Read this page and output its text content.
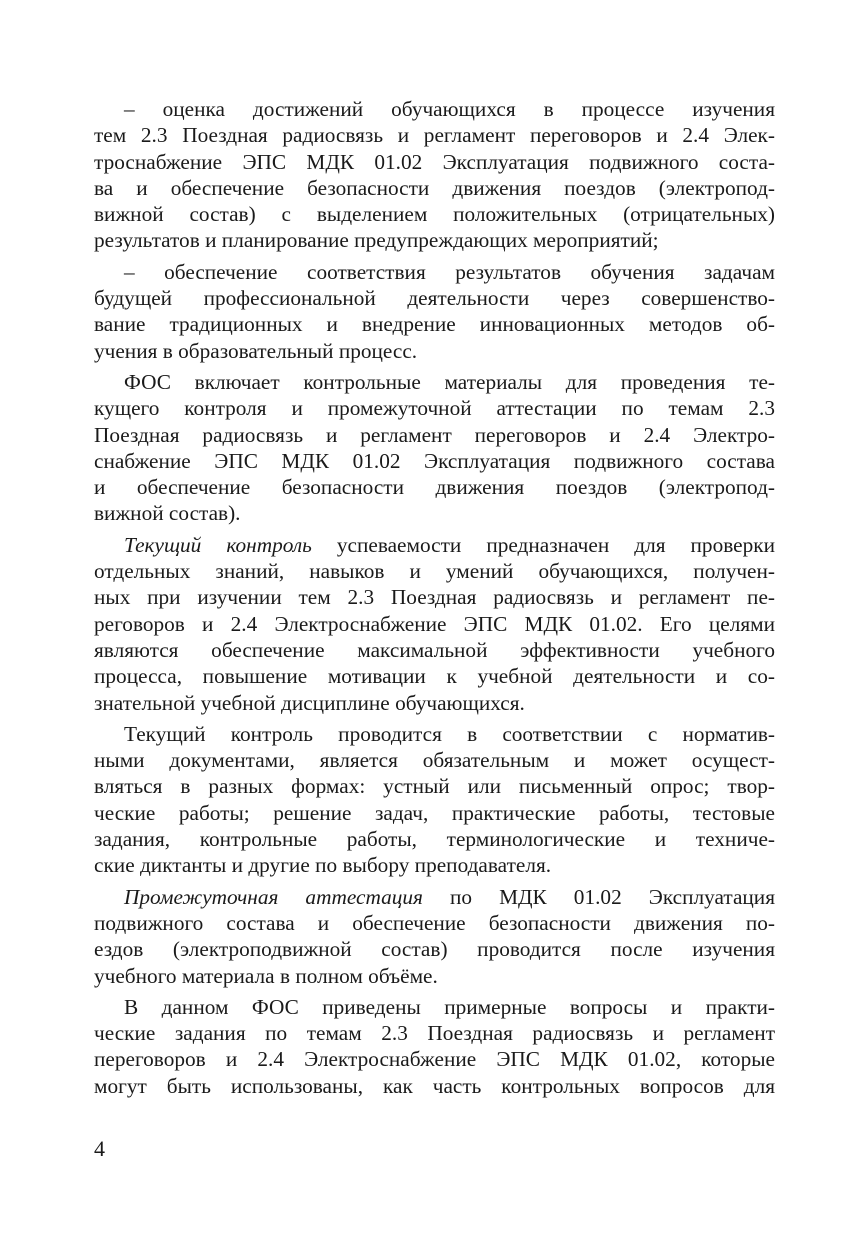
– оценка достижений обучающихся в процессе изучения
тем 2.3 Поездная радиосвязь и регламент переговоров и 2.4 Элек-
троснабжение ЭПС МДК 01.02 Эксплуатация подвижного соста-
ва и обеспечение безопасности движения поездов (электропод-
вижной состав) с выделением положительных (отрицательных)
результатов и планирование предупреждающих мероприятий;
– обеспечение соответствия результатов обучения задачам
будущей профессиональной деятельности через совершенство-
вание традиционных и внедрение инновационных методов об-
учения в образовательный процесс.
ФОС включает контрольные материалы для проведения те-
кущего контроля и промежуточной аттестации по темам 2.3
Поездная радиосвязь и регламент переговоров и 2.4 Электро-
снабжение ЭПС МДК 01.02 Эксплуатация подвижного состава
и обеспечение безопасности движения поездов (электропод-
вижной состав).
Текущий контроль успеваемости предназначен для проверки
отдельных знаний, навыков и умений обучающихся, получен-
ных при изучении тем 2.3 Поездная радиосвязь и регламент пе-
реговоров и 2.4 Электроснабжение ЭПС МДК 01.02. Его целями
являются обеспечение максимальной эффективности учебного
процесса, повышение мотивации к учебной деятельности и со-
знательной учебной дисциплине обучающихся.
Текущий контроль проводится в соответствии с норматив-
ными документами, является обязательным и может осущест-
вляться в разных формах: устный или письменный опрос; твор-
ческие работы; решение задач, практические работы, тестовые
задания, контрольные работы, терминологические и техниче-
ские диктанты и другие по выбору преподавателя.
Промежуточная аттестация по МДК 01.02 Эксплуатация
подвижного состава и обеспечение безопасности движения по-
ездов (электроподвижной состав) проводится после изучения
учебного материала в полном объёме.
В данном ФОС приведены примерные вопросы и практи-
ческие задания по темам 2.3 Поездная радиосвязь и регламент
переговоров и 2.4 Электроснабжение ЭПС МДК 01.02, которые
могут быть использованы, как часть контрольных вопросов для
4
